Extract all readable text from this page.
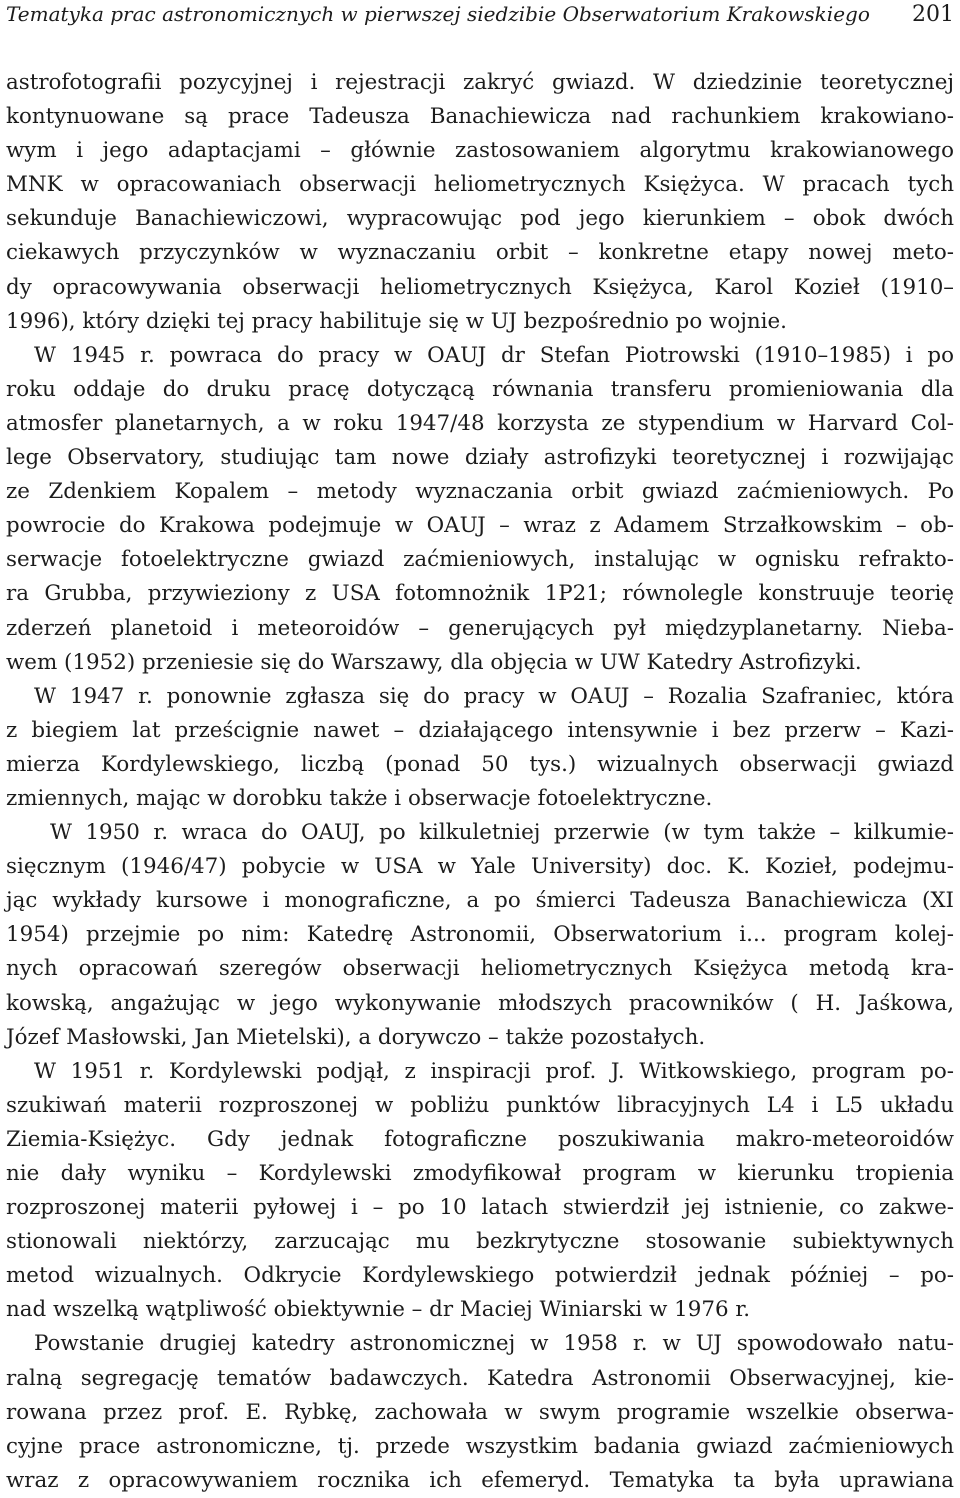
Tematyka prac astronomicznych w pierwszej siedzibie Obserwatorium Krakowskiego 201
astrofotografii pozycyjnej i rejestracji zakryć gwiazd. W dziedzinie teoretycznej
kontynuowane są prace Tadeusza Banachiewicza nad rachunkiem krakowiano-
wym i jego adaptacjami – głównie zastosowaniem algorytmu krakowianowego
MNK w opracowaniach obserwacji heliometrycznych Księżyca. W pracach tych
sekunduje Banachiewiczowi, wypracowując pod jego kierunkiem – obok dwóch
ciekawych przyczynków w wyznaczaniu orbit – konkretne etapy nowej meto-
dy opracowywania obserwacji heliometrycznych Księżyca, Karol Kozieł (1910–
1996), który dzięki tej pracy habilituje się w UJ bezpośrednio po wojnie.
W 1945 r. powraca do pracy w OAUJ dr Stefan Piotrowski (1910–1985) i po
roku oddaje do druku pracę dotyczącą równania transferu promieniowania dla
atmosfer planetarnych, a w roku 1947/48 korzysta ze stypendium w Harvard Col-
lege Observatory, studiując tam nowe działy astrofizyki teoretycznej i rozwijając
ze Zdenkiem Kopalem – metody wyznaczania orbit gwiazd zaćmieniowych. Po
powrocie do Krakowa podejmuje w OAUJ – wraz z Adamem Strzałkowskim – ob-
serwacje fotoelektryczne gwiazd zaćmieniowych, instalując w ognisku refrakto-
ra Grubba, przywieziony z USA fotomnożnik 1P21; równolegle konstruuje teorię
zderzeń planetoid i meteoroidów – generujących pył międzyplanetarny. Nieba-
wem (1952) przeniesie się do Warszawy, dla objęcia w UW Katedry Astrofizyki.
W 1947 r. ponownie zgłasza się do pracy w OAUJ – Rozalia Szafraniec, która
z biegiem lat prześcignie nawet – działającego intensywnie i bez przerw – Kazi-
mierza Kordylewskiego, liczbą (ponad 50 tys.) wizualnych obserwacji gwiazd
zmiennych, mając w dorobku także i obserwacje fotoelektryczne.
W 1950 r. wraca do OAUJ, po kilkuletniej przerwie (w tym także – kilkumie-
sięcznym (1946/47) pobycie w USA w Yale University) doc. K. Kozieł, podejmu-
jąc wykłady kursowe i monograficzne, a po śmierci Tadeusza Banachiewicza (XI
1954) przejmie po nim: Katedrę Astronomii, Obserwatorium i... program kolej-
nych opracowań szeregów obserwacji heliometrycznych Księżyca metodą kra-
kowską, angażując w jego wykonywanie młodszych pracowników ( H. Jaśkowa,
Józef Masłowski, Jan Mietelski), a dorywczo – także pozostałych.
W 1951 r. Kordylewski podjął, z inspiracji prof. J. Witkowskiego, program po-
szukiwań materii rozproszonej w pobliżu punktów libracyjnych L4 i L5 układu
Ziemia-Księżyc. Gdy jednak fotograficzne poszukiwania makro-meteoroidów
nie dały wyniku – Kordylewski zmodyfikował program w kierunku tropienia
rozproszonej materii pyłowej i – po 10 latach stwierdził jej istnienie, co zakwe-
stionowali niektórzy, zarzucając mu bezkrytyczne stosowanie subiektywnych
metod wizualnych. Odkrycie Kordylewskiego potwierdził jednak później – po-
nad wszelką wątpliwość obiektywnie – dr Maciej Winiarski w 1976 r.
Powstanie drugiej katedry astronomicznej w 1958 r. w UJ spowodowało natu-
ralną segregację tematów badawczych. Katedra Astronomii Obserwacyjnej, kie-
rowana przez prof. E. Rybkę, zachowała w swym programie wszelkie obserwa-
cyjne prace astronomiczne, tj. przede wszystkim badania gwiazd zaćmieniowych
wraz z opracowywaniem rocznika ich efemeryd. Tematyka ta była uprawiana
